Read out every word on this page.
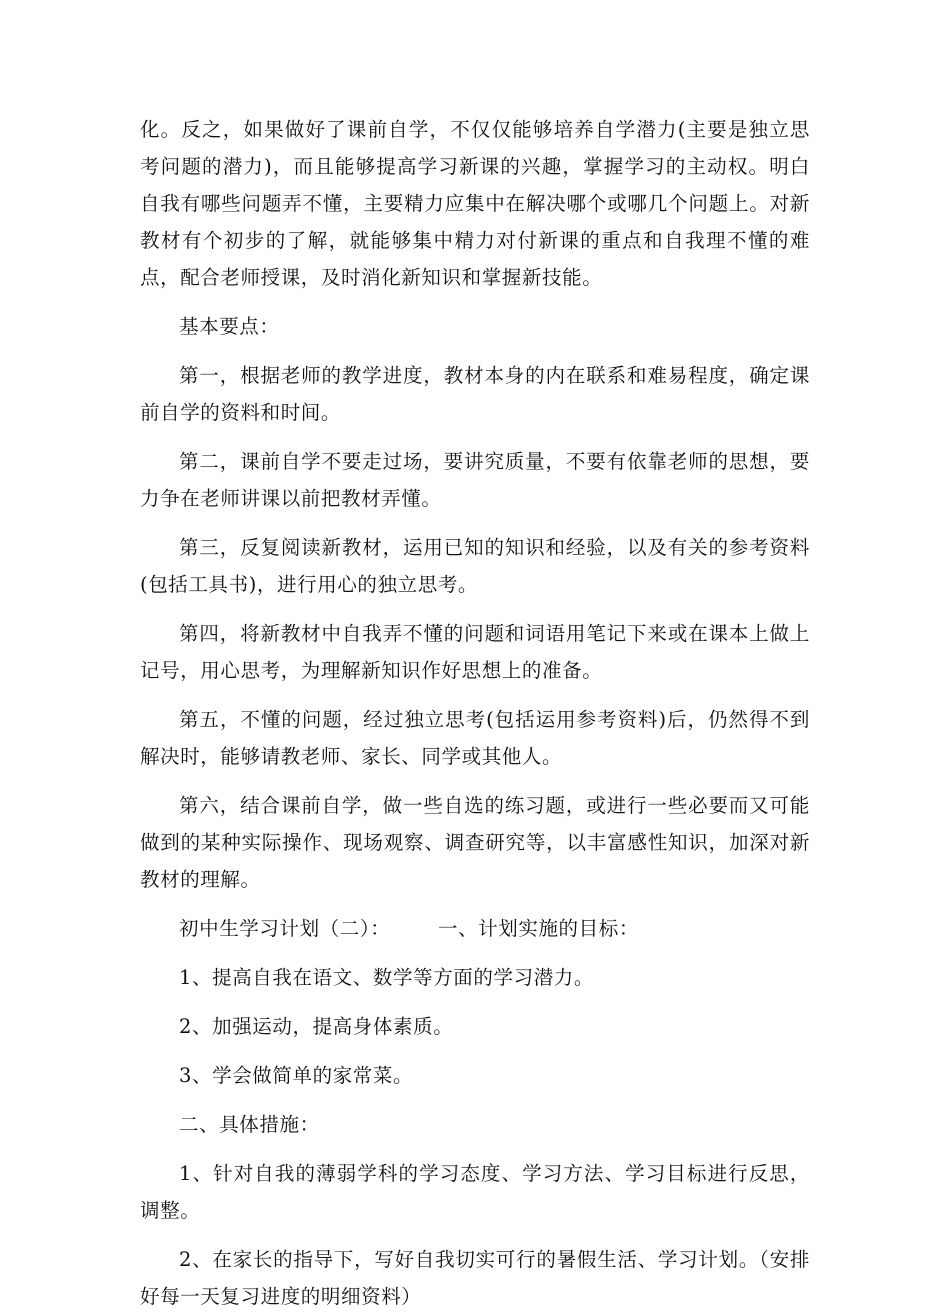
化。反之，如果做好了课前自学，不仅仅能够培养自学潜力(主要是独立思考问题的潜力)，而且能够提高学习新课的兴趣，掌握学习的主动权。明白自我有哪些问题弄不懂，主要精力应集中在解决哪个或哪几个问题上。对新教材有个初步的了解，就能够集中精力对付新课的重点和自我理不懂的难点，配合老师授课，及时消化新知识和掌握新技能。

基本要点：

第一，根据老师的教学进度，教材本身的内在联系和难易程度，确定课前自学的资料和时间。

第二，课前自学不要走过场，要讲究质量，不要有依靠老师的思想，要力争在老师讲课以前把教材弄懂。

第三，反复阅读新教材，运用已知的知识和经验，以及有关的参考资料(包括工具书)，进行用心的独立思考。

第四，将新教材中自我弄不懂的问题和词语用笔记下来或在课本上做上记号，用心思考，为理解新知识作好思想上的准备。

第五，不懂的问题，经过独立思考(包括运用参考资料)后，仍然得不到解决时，能够请教老师、家长、同学或其他人。

第六，结合课前自学，做一些自选的练习题，或进行一些必要而又可能做到的某种实际操作、现场观察、调查研究等，以丰富感性知识，加深对新教材的理解。

初中生学习计划（二）：       一、计划实施的目标：

1、提高自我在语文、数学等方面的学习潜力。

2、加强运动，提高身体素质。

3、学会做简单的家常菜。

二、具体措施：

1、针对自我的薄弱学科的学习态度、学习方法、学习目标进行反思，调整。

2、在家长的指导下，写好自我切实可行的暑假生活、学习计划。（安排好每一天复习进度的明细资料）
